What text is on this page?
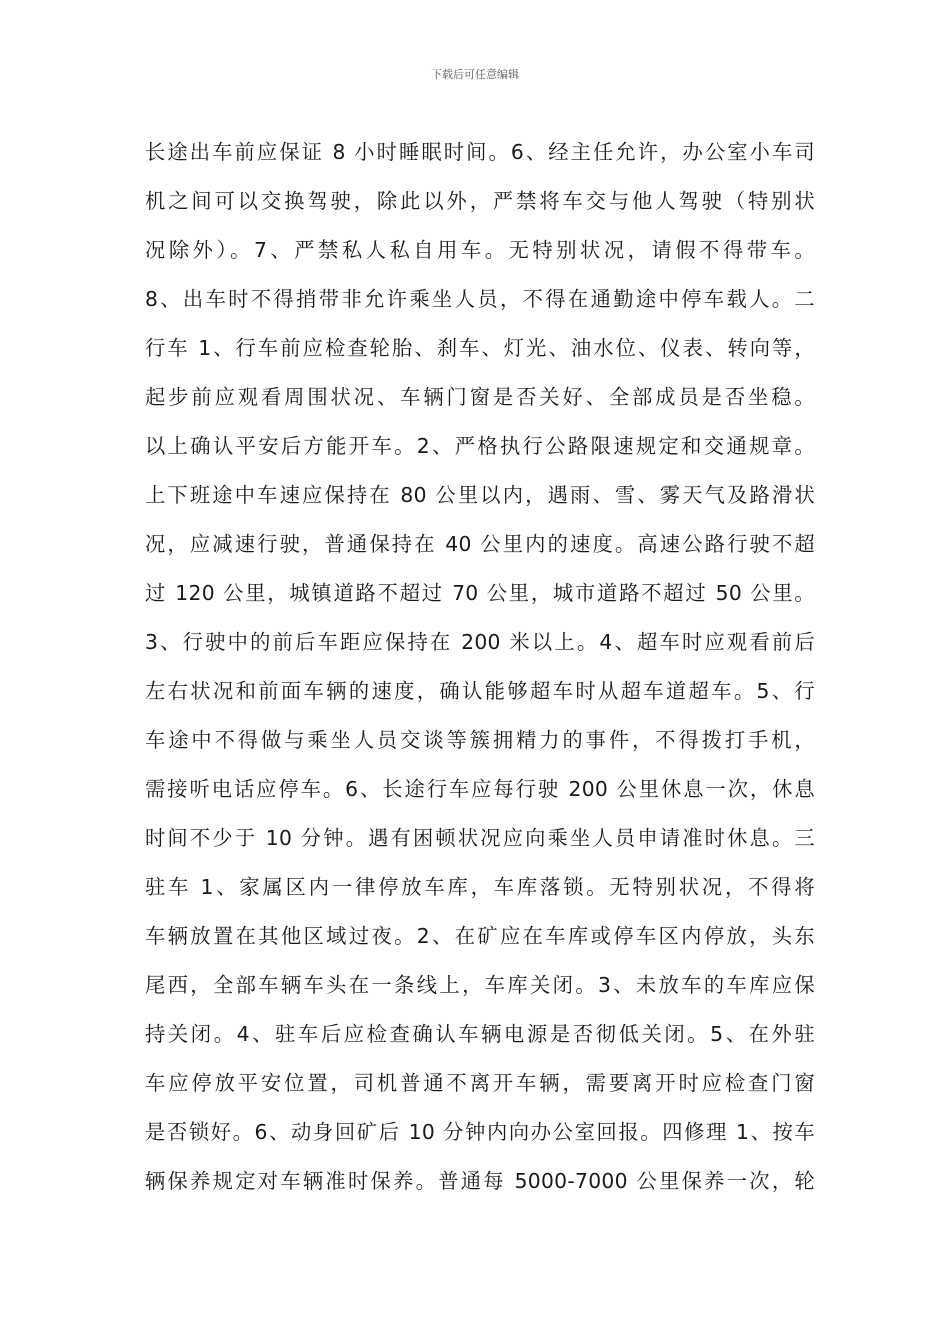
下载后可任意编辑
长途出车前应保证 8 小时睡眠时间。6、经主任允许，办公室小车司
机之间可以交换驾驶，除此以外，严禁将车交与他人驾驶（特别状
况除外）。7、严禁私人私自用车。无特别状况，请假不得带车。
8、出车时不得捎带非允许乘坐人员，不得在通勤途中停车载人。二
行车 1、行车前应检查轮胎、刹车、灯光、油水位、仪表、转向等，
起步前应观看周围状况、车辆门窗是否关好、全部成员是否坐稳。
以上确认平安后方能开车。2、严格执行公路限速规定和交通规章。
上下班途中车速应保持在 80 公里以内，遇雨、雪、雾天气及路滑状
况，应减速行驶，普通保持在 40 公里内的速度。高速公路行驶不超
过 120 公里，城镇道路不超过 70 公里，城市道路不超过 50 公里。
3、行驶中的前后车距应保持在 200 米以上。4、超车时应观看前后
左右状况和前面车辆的速度，确认能够超车时从超车道超车。5、行
车途中不得做与乘坐人员交谈等簇拥精力的事件，不得拨打手机，
需接听电话应停车。6、长途行车应每行驶 200 公里休息一次，休息
时间不少于 10 分钟。遇有困顿状况应向乘坐人员申请准时休息。三
驻车 1、家属区内一律停放车库，车库落锁。无特别状况，不得将
车辆放置在其他区域过夜。2、在矿应在车库或停车区内停放，头东
尾西，全部车辆车头在一条线上，车库关闭。3、未放车的车库应保
持关闭。4、驻车后应检查确认车辆电源是否彻低关闭。5、在外驻
车应停放平安位置，司机普通不离开车辆，需要离开时应检查门窗
是否锁好。6、动身回矿后 10 分钟内向办公室回报。四修理 1、按车
辆保养规定对车辆准时保养。普通每 5000-7000 公里保养一次，轮
